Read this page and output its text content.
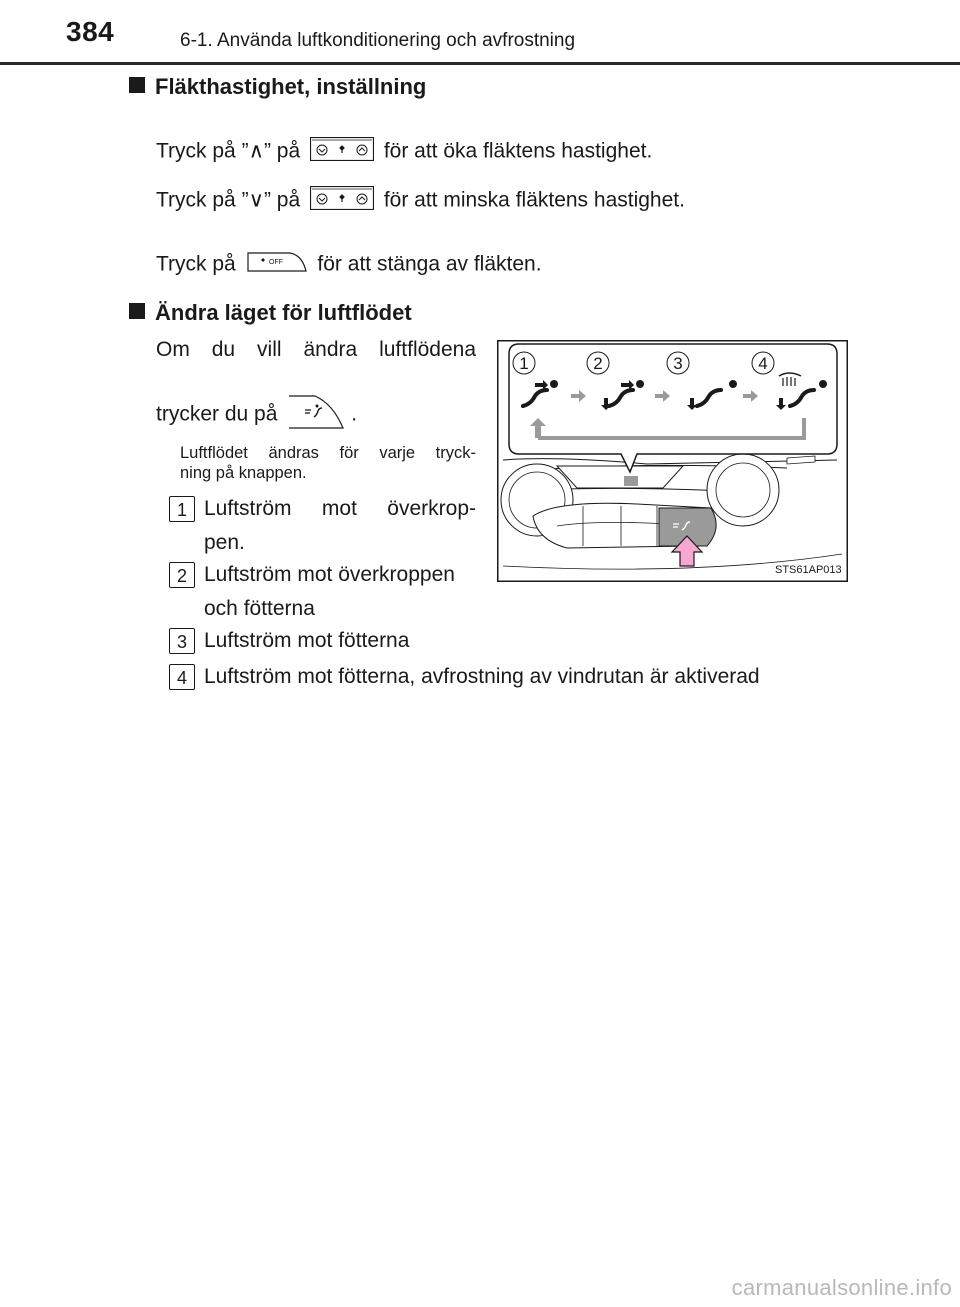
384	6-1. Använda luftkonditionering och avfrostning
Fläkthastighet, inställning
Tryck på ”∧” på	för att öka fläktens hastighet.
Tryck på ”∨” på	för att minska fläktens hastighet.
Tryck på	OFF för att stänga av fläkten.
Ändra läget för luftflödet
Om du vill ändra luftflödena
trycker du på	.
Luftflödet ändras för varje tryck-
ning på knappen.
1 Luftström mot överkrop-
pen.
2 Luftström mot överkroppen
och fötterna
3 Luftström mot fötterna
4 Luftström mot fötterna, avfrostning av vindrutan är aktiverad
1	2	3	4
STS61AP013
carmanualsonline.info
